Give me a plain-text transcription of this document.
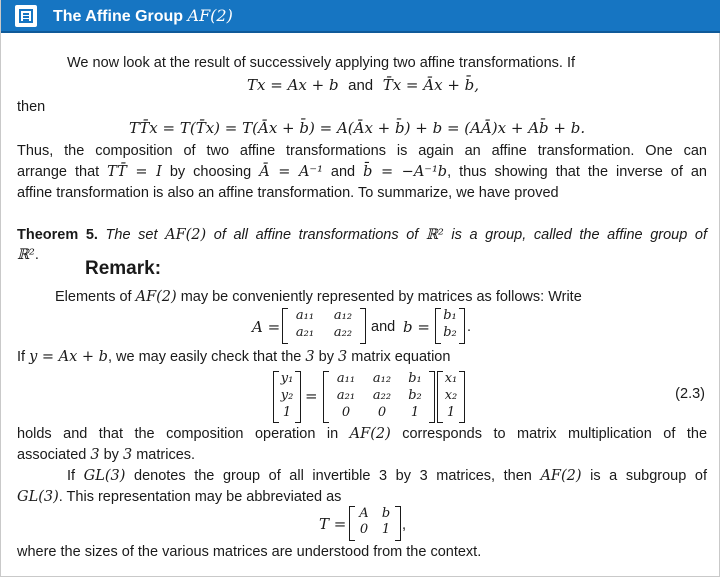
The Affine Group AF(2)
We now look at the result of successively applying two affine transformations. If
Tx = Ax + b and T̄x = Āx + b̄,
then
TT̄x = T(T̄x) = T(Āx + b̄) = A(Āx + b̄) + b = (AĀ)x + Ab̄ + b.
Thus, the composition of two affine transformations is again an affine transformation. One can
arrange that TT̄ = I by choosing Ā = A⁻¹ and b̄ = −A⁻¹b, thus showing that the inverse of an
affine transformation is also an affine transformation. To summarize, we have proved
Theorem 5. The set AF(2) of all affine transformations of ℝ² is a group, called the affine group of
ℝ².
Remark:
Elements of AF(2) may be conveniently represented by matrices as follows: Write
A =
a₁₁	a₁₂
a₂₁	a₂₂	and b =
b₁
b₂ .
If y = Ax + b, we may easily check that the 3 by 3 matrix equation
y₁
y₂
1
=
a₁₁	a₁₂	b₁
a₂₁	a₂₂	b₂
0	0	1
x₁
x₂
1
(2.3)
holds and that the composition operation in AF(2) corresponds to matrix multiplication of the
associated 3 by 3 matrices.
If GL(3) denotes the group of all invertible 3 by 3 matrices, then AF(2) is a subgroup of
GL(3). This representation may be abbreviated as
T =
A	b
0	1 ,
where the sizes of the various matrices are understood from the context.
